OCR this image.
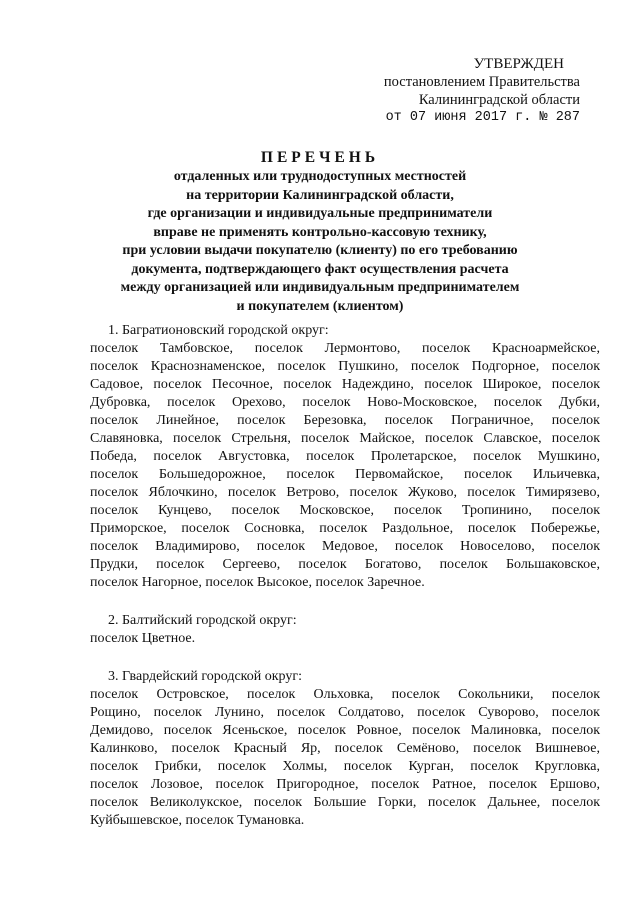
УТВЕРЖДЕН
постановлением Правительства
Калининградской области
от 07 июня 2017 г. № 287
ПЕРЕЧЕНЬ
отдаленных или труднодоступных местностей
на территории Калининградской области,
где организации и индивидуальные предприниматели
вправе не применять контрольно-кассовую технику,
при условии выдачи покупателю (клиенту) по его требованию
документа, подтверждающего факт осуществления расчета
между организацией или индивидуальным предпринимателем
и покупателем (клиентом)
1. Багратионовский городской округ:
поселок Тамбовское, поселок Лермонтово, поселок Красноармейское,
поселок Краснознаменское, поселок Пушкино, поселок Подгорное, поселок
Садовое, поселок Песочное, поселок Надеждино, поселок Широкое, поселок
Дубровка, поселок Орехово, поселок Ново-Московское, поселок Дубки,
поселок Линейное, поселок Березовка, поселок Пограничное, поселок
Славяновка, поселок Стрельня, поселок Майское, поселок Славское, поселок
Победа, поселок Августовка, поселок Пролетарское, поселок Мушкино,
поселок Большедорожное, поселок Первомайское, поселок Ильичевка,
поселок Яблочкино, поселок Ветрово, поселок Жуково, поселок Тимирязево,
поселок Кунцево, поселок Московское, поселок Тропинино, поселок
Приморское, поселок Сосновка, поселок Раздольное, поселок Побережье,
поселок Владимирово, поселок Медовое, поселок Новоселово, поселок
Прудки, поселок Сергеево, поселок Богатово, поселок Большаковское,
поселок Нагорное, поселок Высокое, поселок Заречное.
2. Балтийский городской округ:
поселок Цветное.
3. Гвардейский городской округ:
поселок Островское, поселок Ольховка, поселок Сокольники, поселок
Рощино, поселок Лунино, поселок Солдатово, поселок Суворово, поселок
Демидово, поселок Ясеньское, поселок Ровное, поселок Малиновка, поселок
Калинково, поселок Красный Яр, поселок Семёново, поселок Вишневое,
поселок Грибки, поселок Холмы, поселок Курган, поселок Кругловка,
поселок Лозовое, поселок Пригородное, поселок Ратное, поселок Ершово,
поселок Великолукское, поселок Большие Горки, поселок Дальнее, поселок
Куйбышевское, поселок Тумановка.
